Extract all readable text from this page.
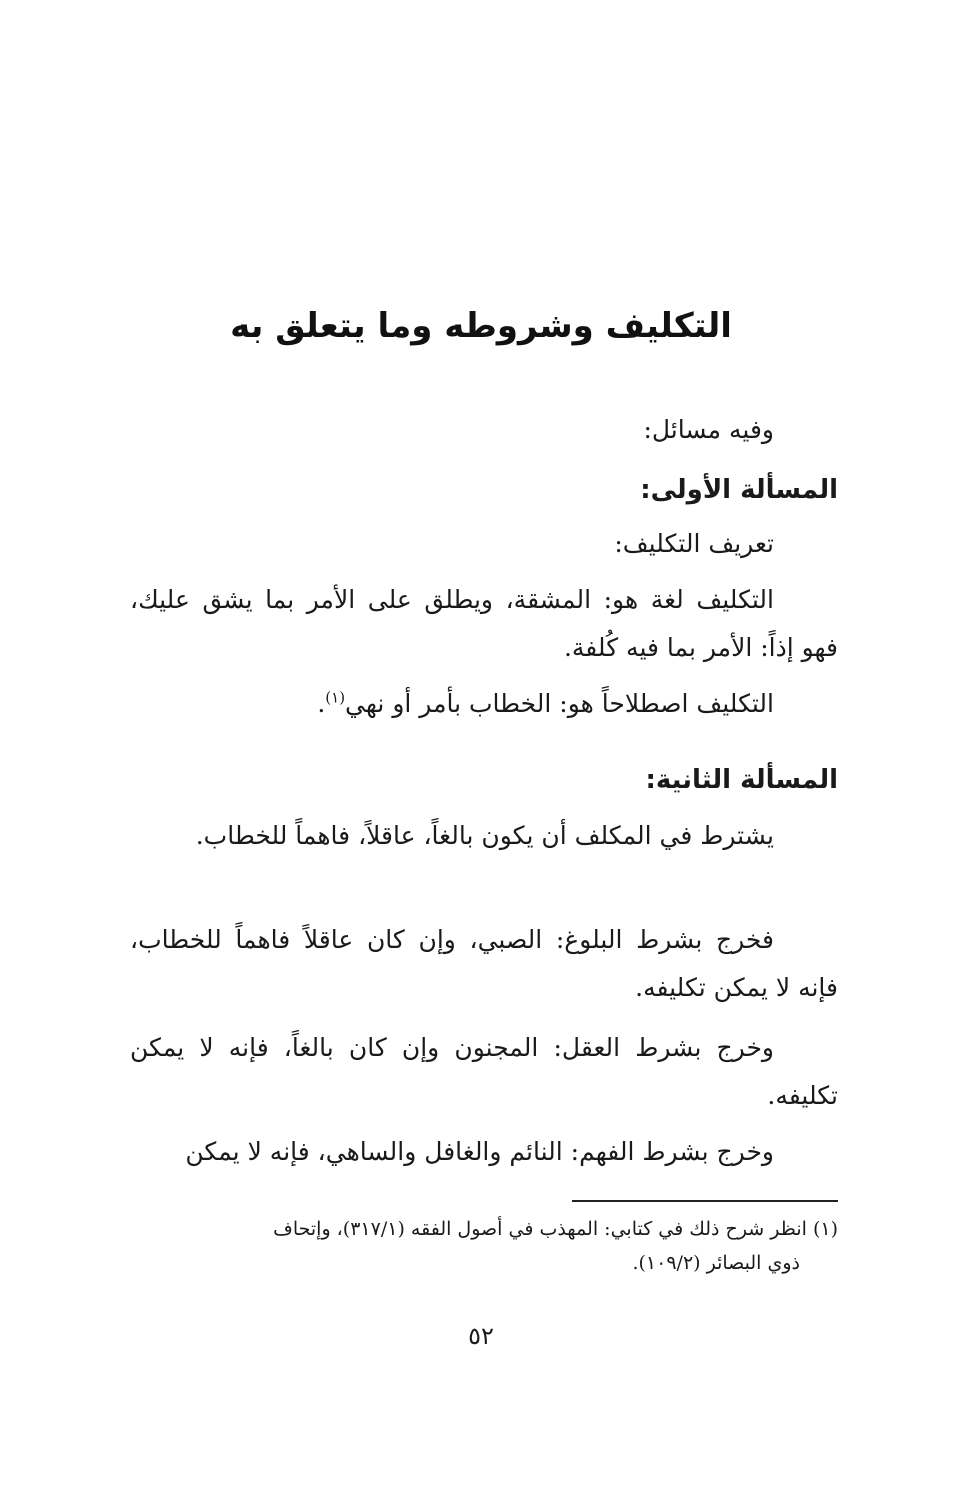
التكليف وشروطه وما يتعلق به
وفيه مسائل:
المسألة الأولى:
تعريف التكليف:
التكليف لغة هو: المشقة، ويطلق على الأمر بما يشق عليك، فهو إذاً: الأمر بما فيه كُلفة.
التكليف اصطلاحاً هو: الخطاب بأمر أو نهي$^{(١)}$.
المسألة الثانية:
يشترط في المكلف أن يكون بالغاً، عاقلاً، فاهماً للخطاب.
فخرج بشرط البلوغ: الصبي، وإن كان عاقلاً فاهماً للخطاب، فإنه لا يمكن تكليفه.
وخرج بشرط العقل: المجنون وإن كان بالغاً، فإنه لا يمكن تكليفه.
وخرج بشرط الفهم: النائم والغافل والساهي، فإنه لا يمكن
(١) انظر شرح ذلك في كتابي: المهذب في أصول الفقه (٣١٧/١)، وإتحاف
ذوي البصائر (١٠٩/٢).
٥٢
